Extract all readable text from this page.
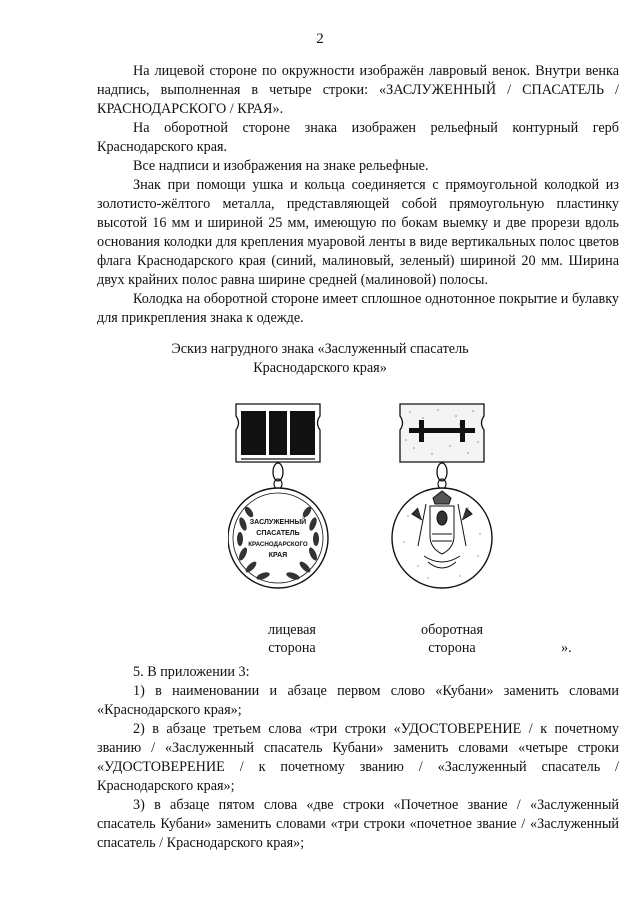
2

На лицевой стороне по окружности изображён лавровый венок. Внутри венка надпись, выполненная в четыре строки: «ЗАСЛУЖЕННЫЙ / СПАСАТЕЛЬ / КРАСНОДАРСКОГО / КРАЯ».

На оборотной стороне знака изображен рельефный контурный герб Краснодарского края.

Все надписи и изображения на знаке рельефные.

Знак при помощи ушка и кольца соединяется с прямоугольной колодкой из золотисто-жёлтого металла, представляющей собой прямоугольную пластинку высотой 16 мм и шириной 25 мм, имеющую по бокам выемку и две прорези вдоль основания колодки для крепления муаровой ленты в виде вертикальных полос цветов флага Краснодарского края (синий, малиновый, зеленый) шириной 20 мм. Ширина двух крайних полос равна ширине средней (малиновой) полосы.

Колодка на оборотной стороне имеет сплошное однотонное покрытие и булавку для прикрепления знака к одежде.

Эскиз нагрудного знака «Заслуженный спасатель
Краснодарского края»
ЗАСЛУЖЕННЫЙ
СПАСАТЕЛЬ
КРАСНОДАРСКОГО
КРАЯ
лицевая
сторона
оборотная
сторона	».

5. В приложении 3:

1) в наименовании и абзаце первом слово «Кубани» заменить словами «Краснодарского края»;

2) в абзаце третьем слова «три строки «УДОСТОВЕРЕНИЕ / к почетному званию / «Заслуженный спасатель Кубани» заменить словами «четыре строки «УДОСТОВЕРЕНИЕ / к почетному званию / «Заслуженный спасатель / Краснодарского края»;

3) в абзаце пятом слова «две строки «Почетное звание / «Заслуженный спасатель Кубани» заменить словами «три строки «почетное звание / «Заслуженный спасатель / Краснодарского края»;
